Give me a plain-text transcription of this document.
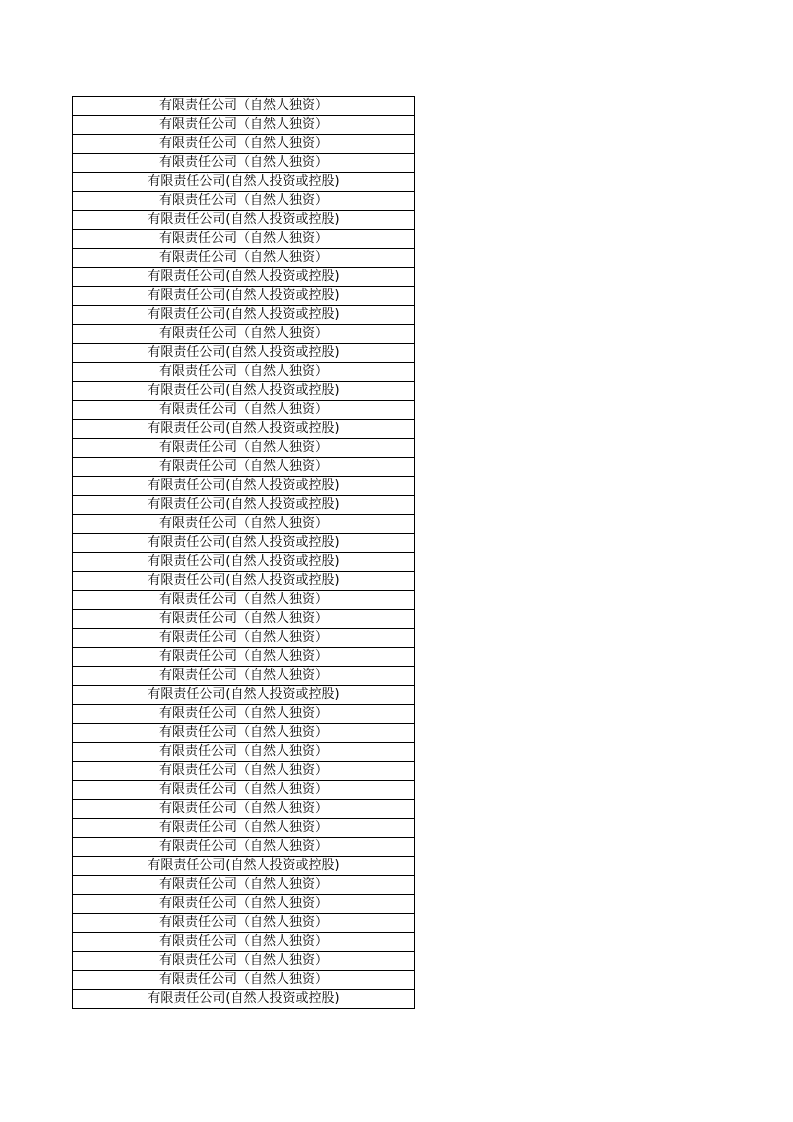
有限责任公司（自然人独资）
有限责任公司（自然人独资）
有限责任公司（自然人独资）
有限责任公司（自然人独资）
有限责任公司(自然人投资或控股)
有限责任公司（自然人独资）
有限责任公司(自然人投资或控股)
有限责任公司（自然人独资）
有限责任公司（自然人独资）
有限责任公司(自然人投资或控股)
有限责任公司(自然人投资或控股)
有限责任公司(自然人投资或控股)
有限责任公司（自然人独资）
有限责任公司(自然人投资或控股)
有限责任公司（自然人独资）
有限责任公司(自然人投资或控股)
有限责任公司（自然人独资）
有限责任公司(自然人投资或控股)
有限责任公司（自然人独资）
有限责任公司（自然人独资）
有限责任公司(自然人投资或控股)
有限责任公司(自然人投资或控股)
有限责任公司（自然人独资）
有限责任公司(自然人投资或控股)
有限责任公司(自然人投资或控股)
有限责任公司(自然人投资或控股)
有限责任公司（自然人独资）
有限责任公司（自然人独资）
有限责任公司（自然人独资）
有限责任公司（自然人独资）
有限责任公司（自然人独资）
有限责任公司(自然人投资或控股)
有限责任公司（自然人独资）
有限责任公司（自然人独资）
有限责任公司（自然人独资）
有限责任公司（自然人独资）
有限责任公司（自然人独资）
有限责任公司（自然人独资）
有限责任公司（自然人独资）
有限责任公司（自然人独资）
有限责任公司(自然人投资或控股)
有限责任公司（自然人独资）
有限责任公司（自然人独资）
有限责任公司（自然人独资）
有限责任公司（自然人独资）
有限责任公司（自然人独资）
有限责任公司（自然人独资）
有限责任公司(自然人投资或控股)
